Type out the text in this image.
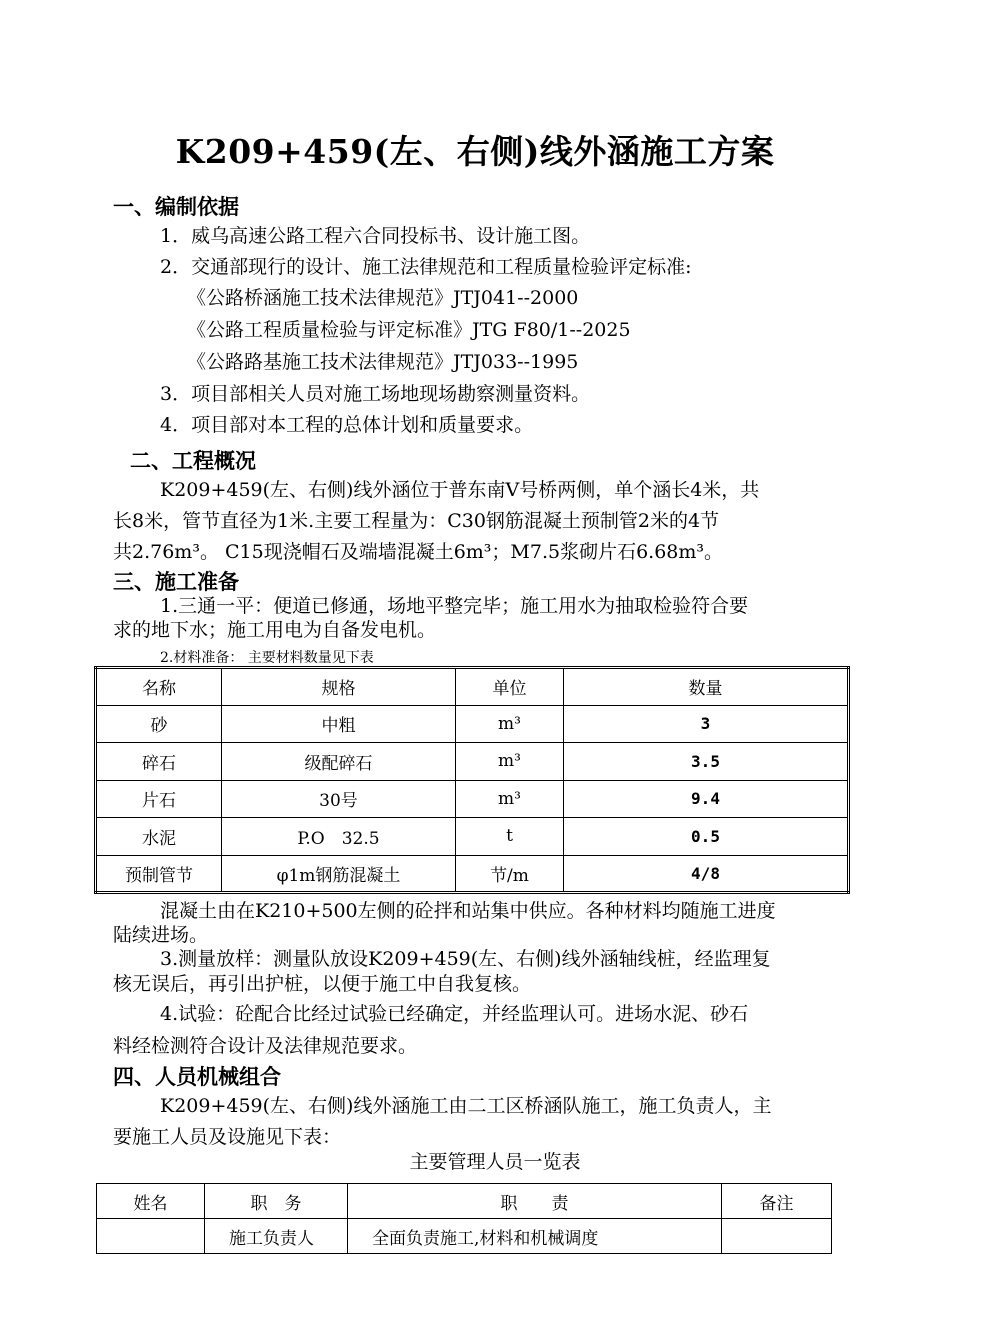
K209+459(左、右侧)线外涵施工方案
一、编制依据
1．威乌高速公路工程六合同投标书、设计施工图。
2．交通部现行的设计、施工法律规范和工程质量检验评定标准:
《公路桥涵施工技术法律规范》JTJ041--2000
《公路工程质量检验与评定标准》JTG F80/1--2025
《公路路基施工技术法律规范》JTJ033--1995
3．项目部相关人员对施工场地现场勘察测量资料。
4．项目部对本工程的总体计划和质量要求。
二、工程概况
K209+459(左、右侧)线外涵位于普东南Ⅴ号桥两侧，单个涵长4米，共
长8米，管节直径为1米.主要工程量为：C30钢筋混凝土预制管2米的4节
共2.76m³。 C15现浇帽石及端墙混凝土6m³；M7.5浆砌片石6.68m³。
三、施工准备
1.三通一平：便道已修通，场地平整完毕；施工用水为抽取检验符合要
求的地下水；施工用电为自备发电机。
2.材料准备： 主要材料数量见下表
名称	规格	单位	数量
砂	中粗	m³	3
碎石	级配碎石	m³	3.5
片石	30号	m³	9.4
水泥	P.O　32.5	t	0.5
预制管节	φ1m钢筋混凝土	节/m	4/8
混凝土由在K210+500左侧的砼拌和站集中供应。各种材料均随施工进度
陆续进场。
3.测量放样：测量队放设K209+459(左、右侧)线外涵轴线桩，经监理复
核无误后，再引出护桩，以便于施工中自我复核。
4.试验：砼配合比经过试验已经确定，并经监理认可。进场水泥、砂石
料经检测符合设计及法律规范要求。
四、人员机械组合
K209+459(左、右侧)线外涵施工由二工区桥涵队施工，施工负责人，主
要施工人员及设施见下表：
主要管理人员一览表
姓名	职　务	职　　责	备注
	施工负责人	全面负责施工,材料和机械调度	
